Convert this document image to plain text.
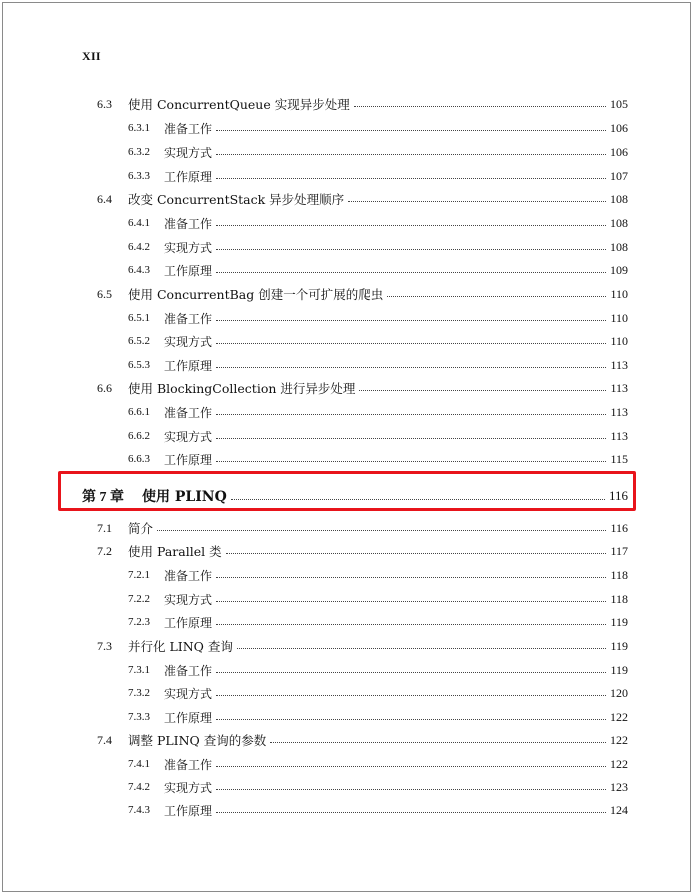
XII
6.3 使用 ConcurrentQueue 实现异步处理	105
6.3.1 准备工作	106
6.3.2 实现方式	106
6.3.3 工作原理	107
6.4 改变 ConcurrentStack 异步处理顺序	108
6.4.1 准备工作	108
6.4.2 实现方式	108
6.4.3 工作原理	109
6.5 使用 ConcurrentBag 创建一个可扩展的爬虫	110
6.5.1 准备工作	110
6.5.2 实现方式	110
6.5.3 工作原理	113
6.6 使用 BlockingCollection 进行异步处理	113
6.6.1 准备工作	113
6.6.2 实现方式	113
6.6.3 工作原理	115
第 7 章 使用 PLINQ	116
7.1 简介	116
7.2 使用 Parallel 类	117
7.2.1 准备工作	118
7.2.2 实现方式	118
7.2.3 工作原理	119
7.3 并行化 LINQ 查询	119
7.3.1 准备工作	119
7.3.2 实现方式	120
7.3.3 工作原理	122
7.4 调整 PLINQ 查询的参数	122
7.4.1 准备工作	122
7.4.2 实现方式	123
7.4.3 工作原理	124
